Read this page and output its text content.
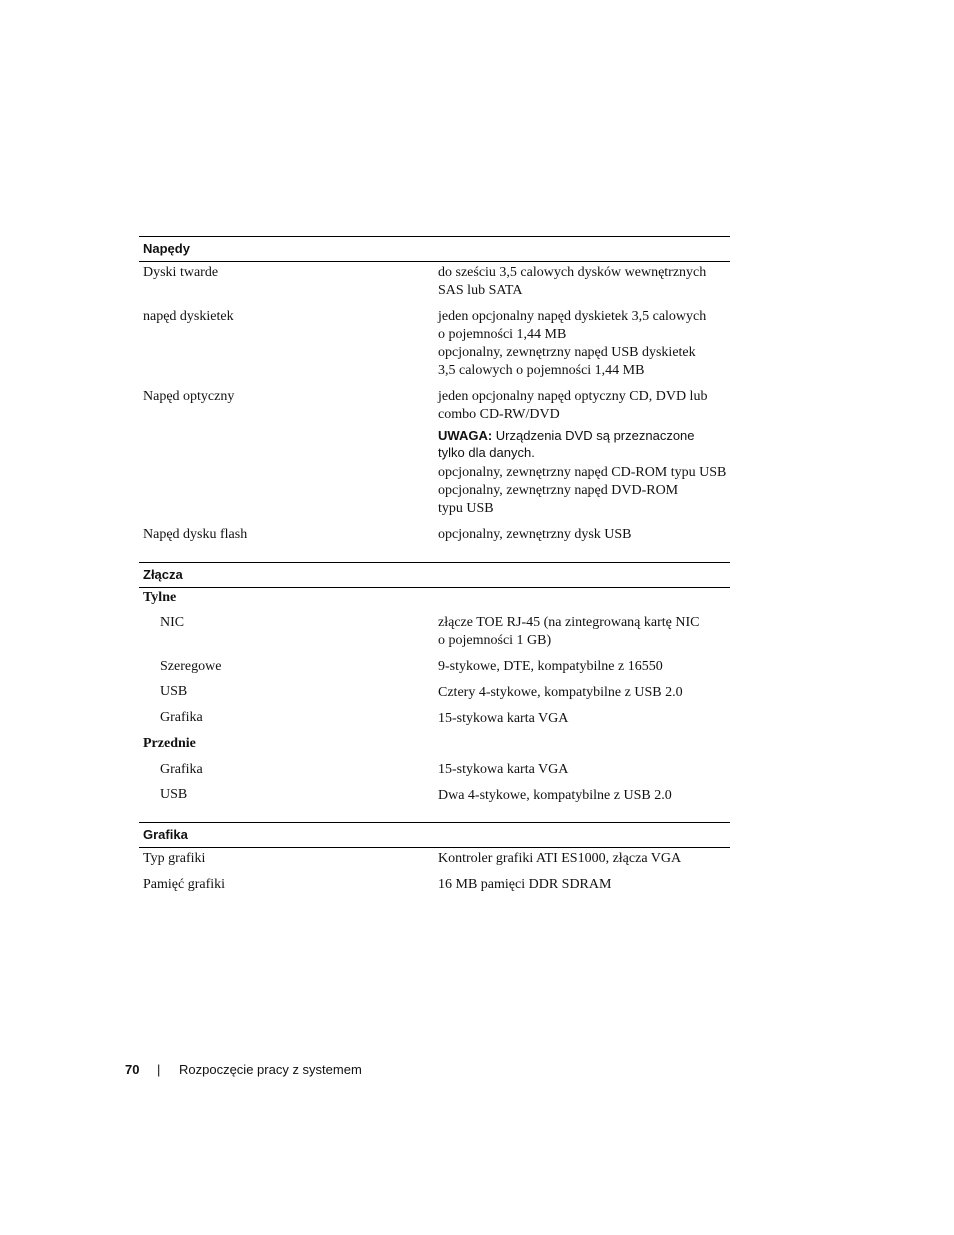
Napędy
Dyski twarde	do sześciu 3,5 calowych dysków wewnętrznych
SAS lub SATA
napęd dyskietek	jeden opcjonalny napęd dyskietek 3,5 calowych
o pojemności 1,44 MB
opcjonalny, zewnętrzny napęd USB dyskietek
3,5 calowych o pojemności 1,44 MB
Napęd optyczny	jeden opcjonalny napęd optyczny CD, DVD lub
combo CD-RW/DVD
UWAGA: Urządzenia DVD są przeznaczone
tylko dla danych.
opcjonalny, zewnętrzny napęd CD-ROM typu USB
opcjonalny, zewnętrzny napęd DVD-ROM
typu USB
Napęd dysku flash	opcjonalny, zewnętrzny dysk USB
Złącza
Tylne
NIC	złącze TOE RJ-45 (na zintegrowaną kartę NIC
o pojemności 1 GB)
Szeregowe	9-stykowe, DTE, kompatybilne z 16550
USB	Cztery 4-stykowe, kompatybilne z USB 2.0
Grafika	15-stykowa karta VGA
Przednie
Grafika	15-stykowa karta VGA
USB	Dwa 4-stykowe, kompatybilne z USB 2.0
Grafika
Typ grafiki	Kontroler grafiki ATI ES1000, złącza VGA
Pamięć grafiki	16 MB pamięci DDR SDRAM
70 | Rozpoczęcie pracy z systemem
